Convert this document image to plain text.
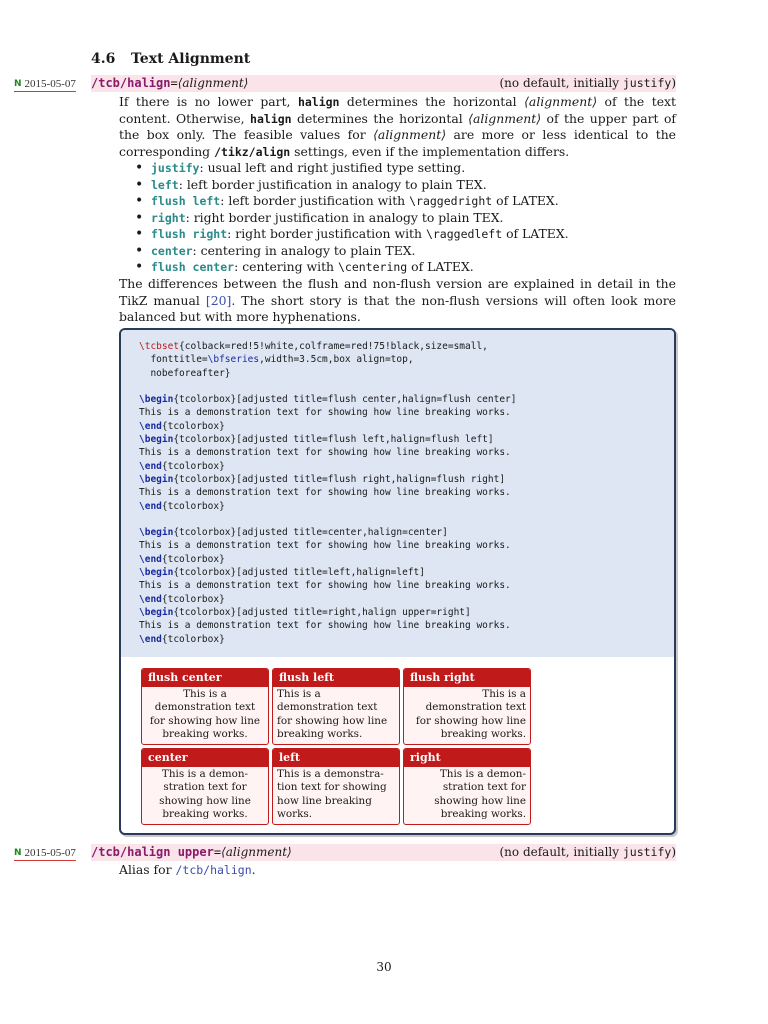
4.6 Text Alignment
N 2015-05-07 /tcb/halign=⟨alignment⟩	(no default, initially justify)
If there is no lower part, halign determines the horizontal ⟨alignment⟩ of the text content. Otherwise, halign determines the horizontal ⟨alignment⟩ of the upper part of the box only. The feasible values for ⟨alignment⟩ are more or less identical to the corresponding /tikz/align settings, even if the implementation differs.
• justify: usual left and right justified type setting.
• left: left border justification in analogy to plain TEX.
• flush left: left border justification with \raggedright of LATEX.
• right: right border justification in analogy to plain TEX.
• flush right: right border justification with \raggedleft of LATEX.
• center: centering in analogy to plain TEX.
• flush center: centering with \centering of LATEX.
The differences between the flush and non-flush version are explained in detail in the TikZ manual [20]. The short story is that the non-flush versions will often look more balanced but with more hyphenations.
\tcbset{colback=red!5!white,colframe=red!75!black,size=small,
fonttitle=\bfseries,width=3.5cm,box align=top,
nobeforeafter}

\begin{tcolorbox}[adjusted title=flush center,halign=flush center]
This is a demonstration text for showing how line breaking works.
\end{tcolorbox}
\begin{tcolorbox}[adjusted title=flush left,halign=flush left]
This is a demonstration text for showing how line breaking works.
\end{tcolorbox}
\begin{tcolorbox}[adjusted title=flush right,halign=flush right]
This is a demonstration text for showing how line breaking works.
\end{tcolorbox}

\begin{tcolorbox}[adjusted title=center,halign=center]
This is a demonstration text for showing how line breaking works.
\end{tcolorbox}
\begin{tcolorbox}[adjusted title=left,halign=left]
This is a demonstration text for showing how line breaking works.
\end{tcolorbox}
\begin{tcolorbox}[adjusted title=right,halign upper=right]
This is a demonstration text for showing how line breaking works.
\end{tcolorbox}
flush center
This is a
demonstration text
for showing how line
breaking works.
flush left
This is a
demonstration text
for showing how line
breaking works.
flush right
This is a
demonstration text
for showing how line
breaking works.
center
This is a demon-
stration text for
showing how line
breaking works.
left
This is a demonstra-
tion text for showing
how line breaking
works.
right
This is a demon-
stration text for
showing how line
breaking works.
N 2015-05-07 /tcb/halign upper=⟨alignment⟩	(no default, initially justify)
Alias for /tcb/halign.
30
